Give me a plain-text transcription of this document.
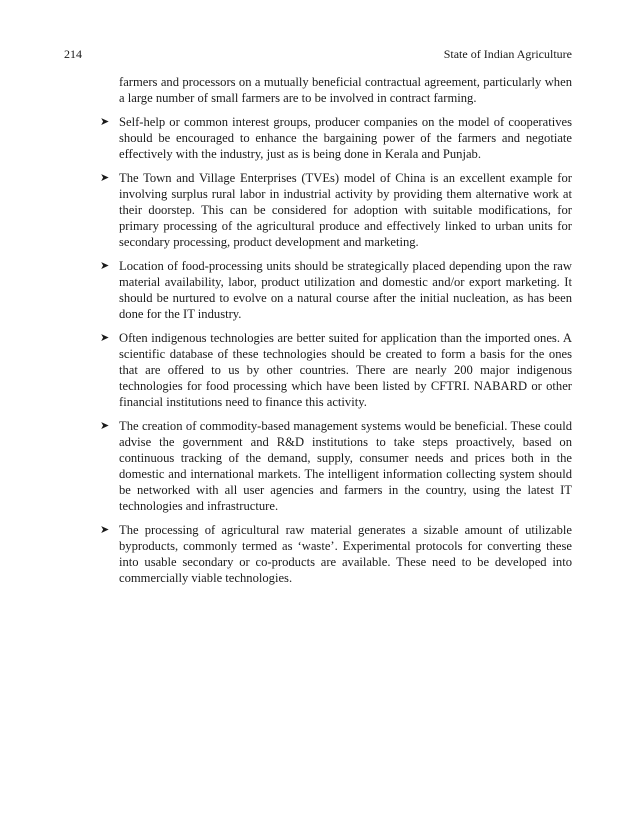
214	State of Indian Agriculture

farmers and processors on a mutually beneficial contractual agreement, particularly when a large number of small farmers are to be involved in contract farming.

➤ Self-help or common interest groups, producer companies on the model of cooperatives should be encouraged to enhance the bargaining power of the farmers and negotiate effectively with the industry, just as is being done in Kerala and Punjab.
➤ The Town and Village Enterprises (TVEs) model of China is an excellent example for involving surplus rural labor in industrial activity by providing them alternative work at their doorstep. This can be considered for adoption with suitable modifications, for primary processing of the agricultural produce and effectively linked to urban units for secondary processing, product development and marketing.
➤ Location of food-processing units should be strategically placed depending upon the raw material availability, labor, product utilization and domestic and/or export marketing. It should be nurtured to evolve on a natural course after the initial nucleation, as has been done for the IT industry.
➤ Often indigenous technologies are better suited for application than the imported ones. A scientific database of these technologies should be created to form a basis for the ones that are offered to us by other countries. There are nearly 200 major indigenous technologies for food processing which have been listed by CFTRI. NABARD or other financial institutions need to finance this activity.
➤ The creation of commodity-based management systems would be beneficial. These could advise the government and R&D institutions to take steps proactively, based on continuous tracking of the demand, supply, consumer needs and prices both in the domestic and international markets. The intelligent information collecting system should be networked with all user agencies and farmers in the country, using the latest IT technologies and infrastructure.
➤ The processing of agricultural raw material generates a sizable amount of utilizable byproducts, commonly termed as ‘waste’. Experimental protocols for converting these into usable secondary or co-products are available. These need to be developed into commercially viable technologies.
